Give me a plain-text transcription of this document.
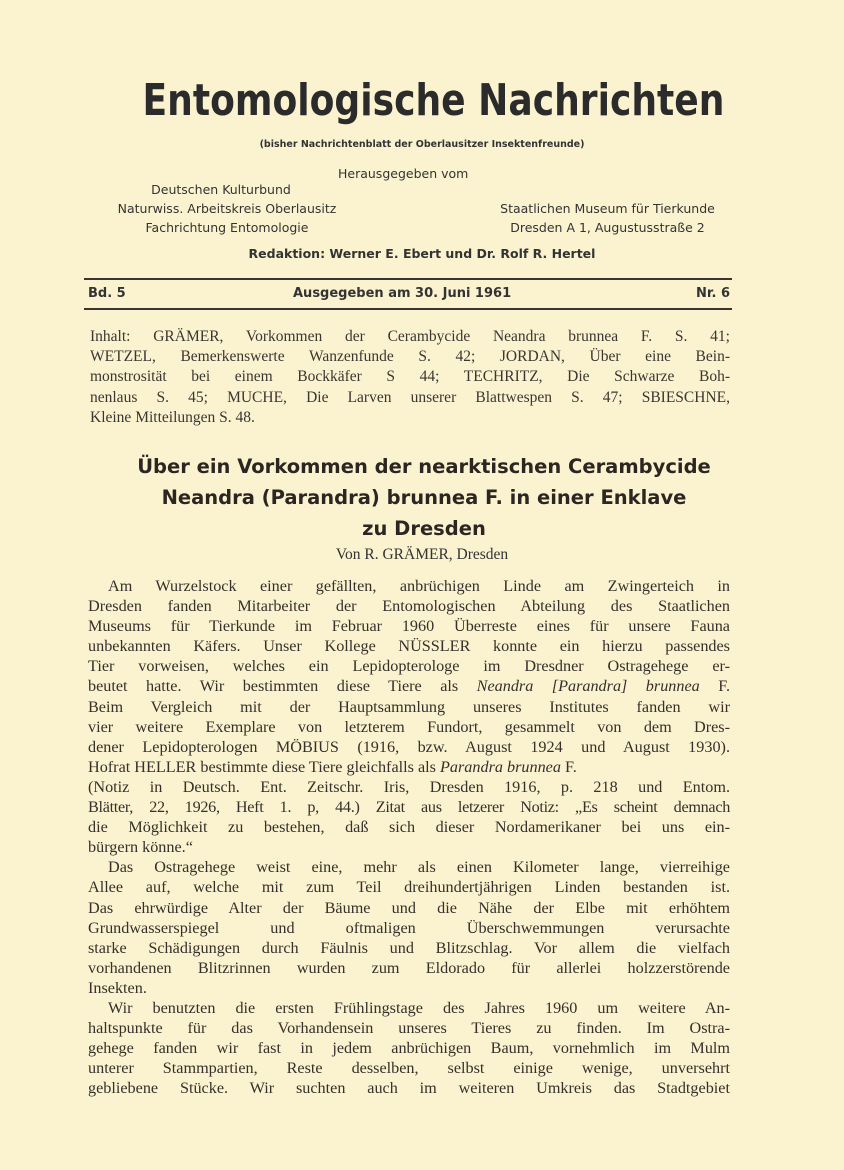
Entomologische Nachrichten
(bisher Nachrichtenblatt der Oberlausitzer Insektenfreunde)
Herausgegeben vom
Deutschen Kulturbund
Naturwiss. Arbeitskreis Oberlausitz
Fachrichtung Entomologie
Staatlichen Museum für Tierkunde
Dresden A 1, Augustusstraße 2
Redaktion: Werner E. Ebert und Dr. Rolf R. Hertel
Bd. 5	Ausgegeben am 30. Juni 1961	Nr. 6
Inhalt: GRÄMER, Vorkommen der Cerambycide Neandra brunnea F. S. 41;
WETZEL, Bemerkenswerte Wanzenfunde S. 42; JORDAN, Über eine Bein-
monstrosität bei einem Bockkäfer S 44; TECHRITZ, Die Schwarze Boh-
nenlaus S. 45; MUCHE, Die Larven unserer Blattwespen S. 47; SBIESCHNE,
Kleine Mitteilungen S. 48.
Über ein Vorkommen der nearktischen Cerambycide
Neandra (Parandra) brunnea F. in einer Enklave
zu Dresden
Von R. GRÄMER, Dresden
Am Wurzelstock einer gefällten, anbrüchigen Linde am Zwingerteich in
Dresden fanden Mitarbeiter der Entomologischen Abteilung des Staatlichen
Museums für Tierkunde im Februar 1960 Überreste eines für unsere Fauna
unbekannten Käfers. Unser Kollege NÜSSLER konnte ein hierzu passendes
Tier vorweisen, welches ein Lepidopterologe im Dresdner Ostragehege er-
beutet hatte. Wir bestimmten diese Tiere als Neandra [Parandra] brunnea F.
Beim Vergleich mit der Hauptsammlung unseres Institutes fanden wir
vier weitere Exemplare von letzterem Fundort, gesammelt von dem Dres-
dener Lepidopterologen MÖBIUS (1916, bzw. August 1924 und August 1930).
Hofrat HELLER bestimmte diese Tiere gleichfalls als Parandra brunnea F.
(Notiz in Deutsch. Ent. Zeitschr. Iris, Dresden 1916, p. 218 und Entom.
Blätter, 22, 1926, Heft 1. p, 44.) Zitat aus letzerer Notiz: „Es scheint demnach
die Möglichkeit zu bestehen, daß sich dieser Nordamerikaner bei uns ein-
bürgern könne.“
Das Ostragehege weist eine, mehr als einen Kilometer lange, vierreihige
Allee auf, welche mit zum Teil dreihundertjährigen Linden bestanden ist.
Das ehrwürdige Alter der Bäume und die Nähe der Elbe mit erhöhtem
Grundwasserspiegel und oftmaligen Überschwemmungen verursachte
starke Schädigungen durch Fäulnis und Blitzschlag. Vor allem die vielfach
vorhandenen Blitzrinnen wurden zum Eldorado für allerlei holzzerstörende
Insekten.
Wir benutzten die ersten Frühlingstage des Jahres 1960 um weitere An-
haltspunkte für das Vorhandensein unseres Tieres zu finden. Im Ostra-
gehege fanden wir fast in jedem anbrüchigen Baum, vornehmlich im Mulm
unterer Stammpartien, Reste desselben, selbst einige wenige, unversehrt
gebliebene Stücke. Wir suchten auch im weiteren Umkreis das Stadtgebiet
